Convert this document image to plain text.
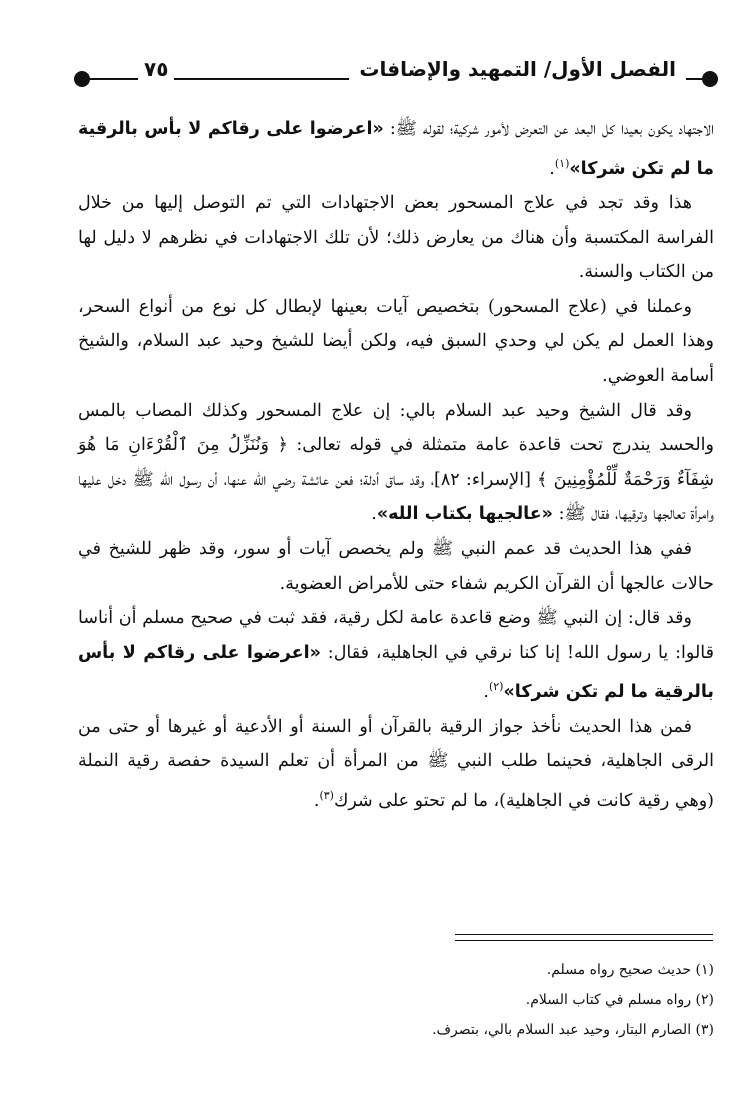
٧٥	الفصل الأول/ التمهيد والإضافات

الاجتهاد يكون بعيدا كل البعد عن التعرض لأمور شركية؛ لقوله ﷺ: «اعرضوا على رقاكم لا بأس بالرقية ما لم تكن شركا»$^{(١)}$.

هذا وقد تجد في علاج المسحور بعض الاجتهادات التي تم التوصل إليها من خلال الفراسة المكتسبة وأن هناك من يعارض ذلك؛ لأن تلك الاجتهادات في نظرهم لا دليل لها من الكتاب والسنة.

وعملنا في (علاج المسحور) بتخصيص آيات بعينها لإبطال كل نوع من أنواع السحر، وهذا العمل لم يكن لي وحدي السبق فيه، ولكن أيضا للشيخ وحيد عبد السلام، والشيخ أسامة العوضي.

وقد قال الشيخ وحيد عبد السلام بالي: إن علاج المسحور وكذلك المصاب بالمس والحسد يندرج تحت قاعدة عامة متمثلة في قوله تعالى: ﴿ وَنُنَزِّلُ مِنَ ٱلْقُرْءَانِ مَا هُوَ شِفَآءٌ وَرَحْمَةٌ لِّلْمُؤْمِنِينَ ﴾ [الإسراء: ٨٢]، وقد ساق أدلة؛ فعن عائشة رضي الله عنها، أن رسول الله ﷺ دخل عليها وامرأة تعالجها وترقيها، فقال ﷺ: «عالجيها بكتاب الله».

ففي هذا الحديث قد عمم النبي ﷺ ولم يخصص آيات أو سور، وقد ظهر للشيخ في حالات عالجها أن القرآن الكريم شفاء حتى للأمراض العضوية.

وقد قال: إن النبي ﷺ وضع قاعدة عامة لكل رقية، فقد ثبت في صحيح مسلم أن أناسا قالوا: يا رسول الله! إنا كنا نرقي في الجاهلية، فقال: «اعرضوا على رقاكم لا بأس بالرقية ما لم تكن شركا»$^{(٢)}$.

فمن هذا الحديث نأخذ جواز الرقية بالقرآن أو السنة أو الأدعية أو غيرها أو حتى من الرقى الجاهلية، فحينما طلب النبي ﷺ من المرأة أن تعلم السيدة حفصة رقية النملة (وهي رقية كانت في الجاهلية)، ما لم تحتو على شرك$^{(٣)}$.

(١) حديث صحيح رواه مسلم.
(٢) رواه مسلم في كتاب السلام.
(٣) الصارم البتار، وحيد عبد السلام بالي، بتصرف.
